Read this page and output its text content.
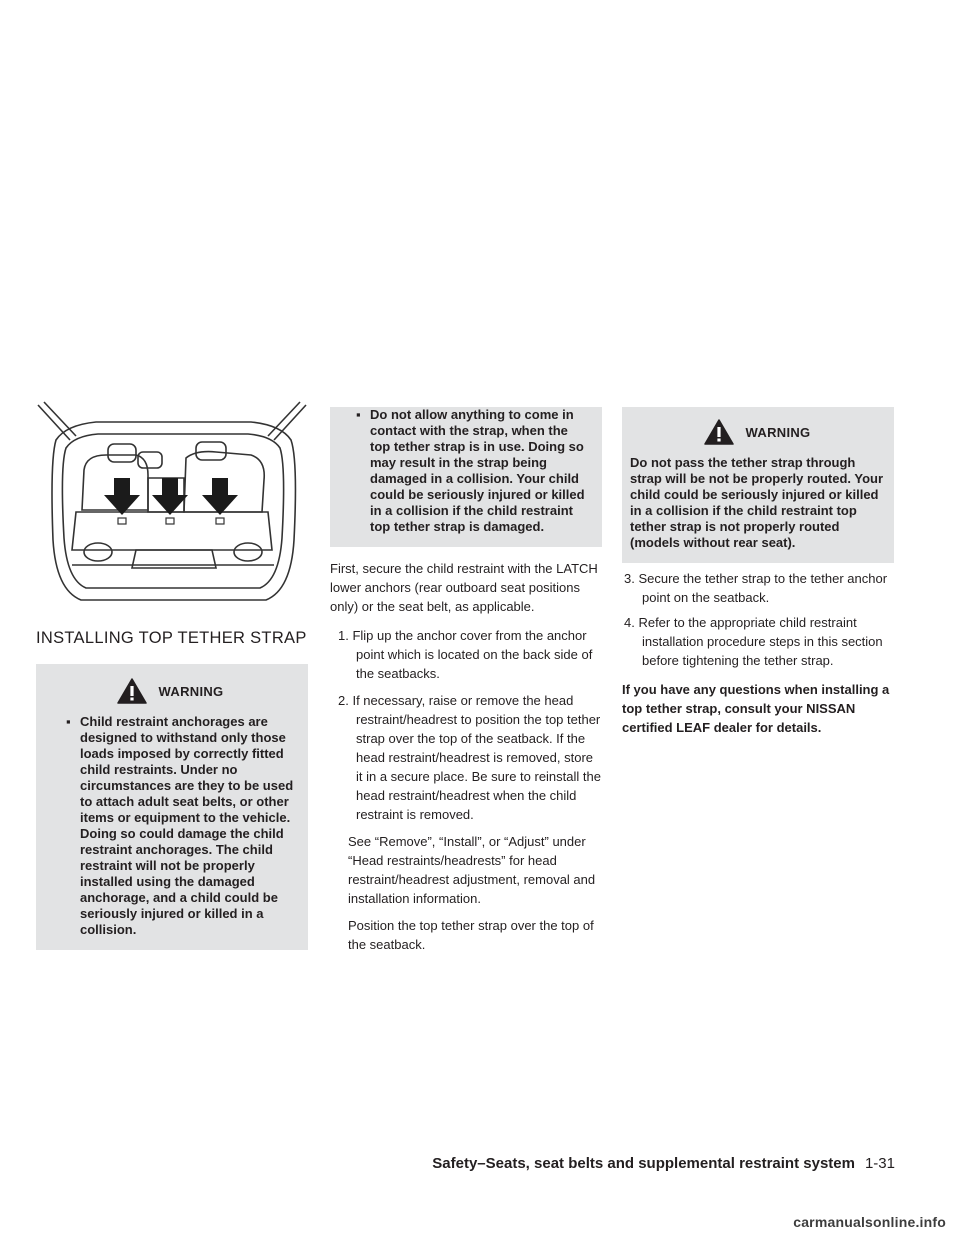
INSTALLING TOP TETHER STRAP
WARNING
▪ Child restraint anchorages are designed to withstand only those loads imposed by correctly fitted child restraints. Under no circumstances are they to be used to attach adult seat belts, or other items or equipment to the vehicle. Doing so could damage the child restraint anchorages. The child restraint will not be properly installed using the damaged anchorage, and a child could be seriously injured or killed in a collision.
▪ Do not allow anything to come in contact with the strap, when the top tether strap is in use. Doing so may result in the strap being damaged in a collision. Your child could be seriously injured or killed in a collision if the child restraint top tether strap is damaged.
First, secure the child restraint with the LATCH lower anchors (rear outboard seat positions only) or the seat belt, as applicable.
1. Flip up the anchor cover from the anchor point which is located on the back side of the seatbacks.
2. If necessary, raise or remove the head restraint/headrest to position the top tether strap over the top of the seatback. If the head restraint/headrest is removed, store it in a secure place. Be sure to reinstall the head restraint/headrest when the child restraint is removed.
See “Remove”, “Install”, or “Adjust” under “Head restraints/headrests” for head restraint/headrest adjustment, removal and installation information.
Position the top tether strap over the top of the seatback.
WARNING
Do not pass the tether strap through strap will be not be properly routed. Your child could be seriously injured or killed in a collision if the child restraint top tether strap is not properly routed (models without rear seat).
3. Secure the tether strap to the tether anchor point on the seatback.
4. Refer to the appropriate child restraint installation procedure steps in this section before tightening the tether strap.
If you have any questions when installing a top tether strap, consult your NISSAN certified LEAF dealer for details.
Safety–Seats, seat belts and supplemental restraint system 1-31
carmanualsonline.info
